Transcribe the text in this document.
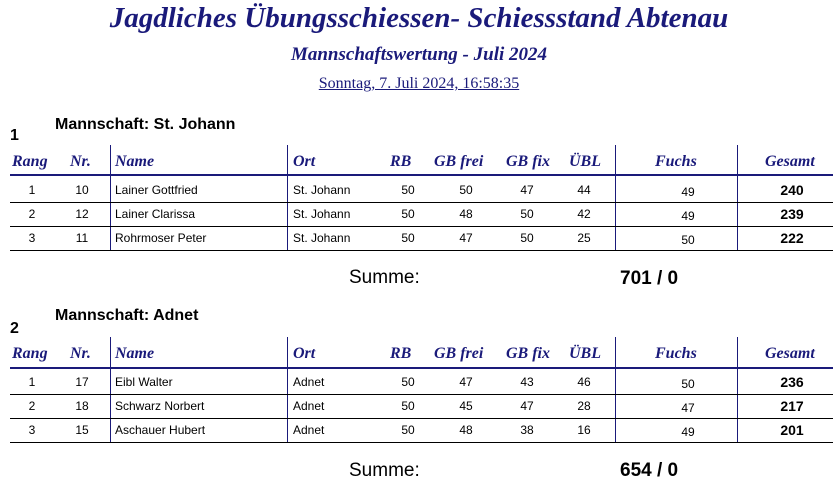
Jagdliches Übungsschiessen- Schiessstand Abtenau
Mannschaftswertung - Juli 2024
Sonntag, 7. Juli 2024, 16:58:35
1
Mannschaft: St. Johann
Rang Nr. Name	Ort	RB GB frei GB fix ÜBL	Fuchs	Gesamt
1	10 Lainer Gottfried	St. Johann	50	50	47	44	49	240
2	12 Lainer Clarissa	St. Johann	50	48	50	42	49	239
3	11	Rohrmoser Peter	St. Johann	50	47	50	25	50	222
Summe:	701 / 0
2
Mannschaft: Adnet
Rang Nr. Name	Ort	RB GB frei GB fix ÜBL	Fuchs	Gesamt
1	17 Eibl Walter	Adnet	50	47	43	46	50	236
2	18 Schwarz Norbert	Adnet	50	45	47	28	47	217
3	15 Aschauer Hubert	Adnet	50	48	38	16	49	201
Summe:	654 / 0
